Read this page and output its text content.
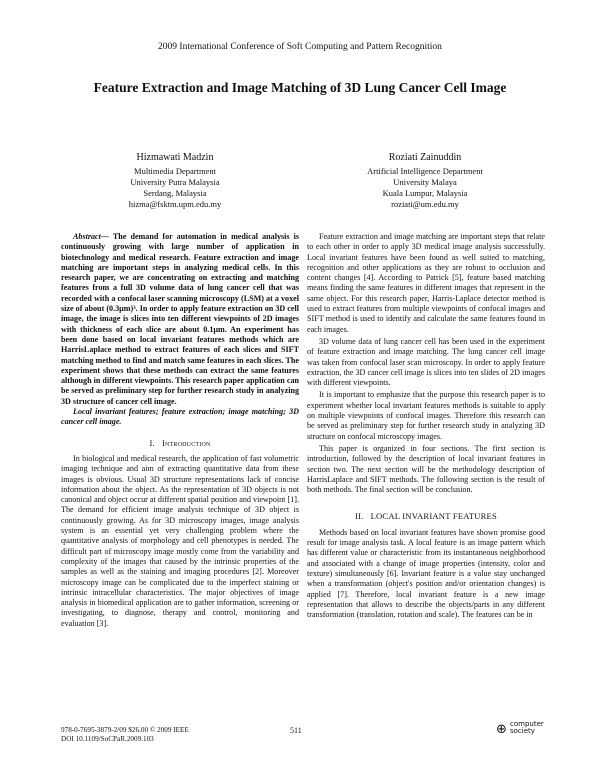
2009 International Conference of Soft Computing and Pattern Recognition
Feature Extraction and Image Matching of 3D Lung Cancer Cell Image
Hizmawati Madzin
Multimedia Department
University Putra Malaysia
Serdang, Malaysia
hizma@fsktm.upm.edu.my
Roziati Zainuddin
Artificial Intelligence Department
University Malaya
Kuala Lumpur, Malaysia
roziati@um.edu.my

Abstract— The demand for automation in medical analysis is continuously growing with large number of application in biotechnology and medical research. Feature extraction and image matching are important steps in analyzing medical cells. In this research paper, we are concentrating on extracting and matching features from a full 3D volume data of lung cancer cell that was recorded with a confocal laser scanning microscopy (LSM) at a voxel size of about (0.3µm)³. In order to apply feature extraction on 3D cell image, the image is slices into ten different viewpoints of 2D images with thickness of each slice are about 0.1µm. An experiment has been done based on local invariant features methods which are HarrisLaplace method to extract features of each slices and SIFT matching method to find and match same features in each slices. The experiment shows that these methods can extract the same features although in different viewpoints. This research paper application can be served as preliminary step for further research study in analyzing 3D structure of cancer cell image.

Local invariant features; feature extraction; image matching; 3D cancer cell image.

I. Introduction

In biological and medical research, the application of fast volumetric imaging technique and aim of extracting quantitative data from these images is obvious. Usual 3D structure representations lack of concise information about the object. As the representation of 3D objects is not canonical and object occur at different spatial position and viewpoint [1]. The demand for efficient image analysis technique of 3D object is continuously growing. As for 3D microscopy images, image analysis system is an essential yet very challenging problem where the quantitative analysis of morphology and cell phenotypes is needed. The difficult part of microscopy image mostly come from the variability and complexity of the images that caused by the intrinsic properties of the samples as well as the staining and imaging procedures [2]. Moreover microscopy image can be complicated due to the imperfect staining or intrinsic intracellular characteristics. The major objectives of image analysis in biomedical application are to gather information, screening or investigating, to diagnose, therapy and control, monitoring and evaluation [3].

Feature extraction and image matching are important steps that relate to each other in order to apply 3D medical image analysis successfully. Local invariant features have been found as well suited to matching, recognition and other applications as they are robust to occlusion and content changes [4]. According to Patrick [5], feature based matching means finding the same features in different images that represent in the same object. For this research paper, Harris-Laplace detector method is used to extract features from multiple viewpoints of confocal images and SIFT method is used to identify and calculate the same features found in each images.

3D volume data of lung cancer cell has been used in the experiment of feature extraction and image matching. The lung cancer cell image was taken from confocal laser scan microscopy. In order to apply feature extraction, the 3D cancer cell image is slices into ten slides of 2D images with different viewpoints.

It is important to emphasize that the purpose this research paper is to experiment whether local invariant features methods is suitable to apply on multiple viewpoints of confocal images. Therefore this research can be served as preliminary step for further research study in analyzing 3D structure on confocal microscopy images.

This paper is organized in four sections. The first section is introduction, followed by the description of local invariant features in section two. The next section will be the methodology description of HarrisLaplace and SIFT methods. The following section is the result of both methods. The final section will be conclusion.

II. LOCAL INVARIANT FEATURES

Methods based on local invariant features have shown promise good result for image analysis task. A local feature is an image pattern which has different value or characteristic from its instantaneous neighborhood and associated with a change of image properties (intensity, color and texture) simultaneously [6]. Invariant feature is a value stay unchanged when a transformation (object's position and/or orientation changes) is applied [7]. Therefore, local invariant feature is a new image representation that allows to describe the objects/parts in any different transformation (translation, rotation and scale). The features can be in

978-0-7695-3879-2/09 $26.00 © 2009 IEEE
DOI 10.1109/SoCPaR.2009.103
511	⊕ computer
society
